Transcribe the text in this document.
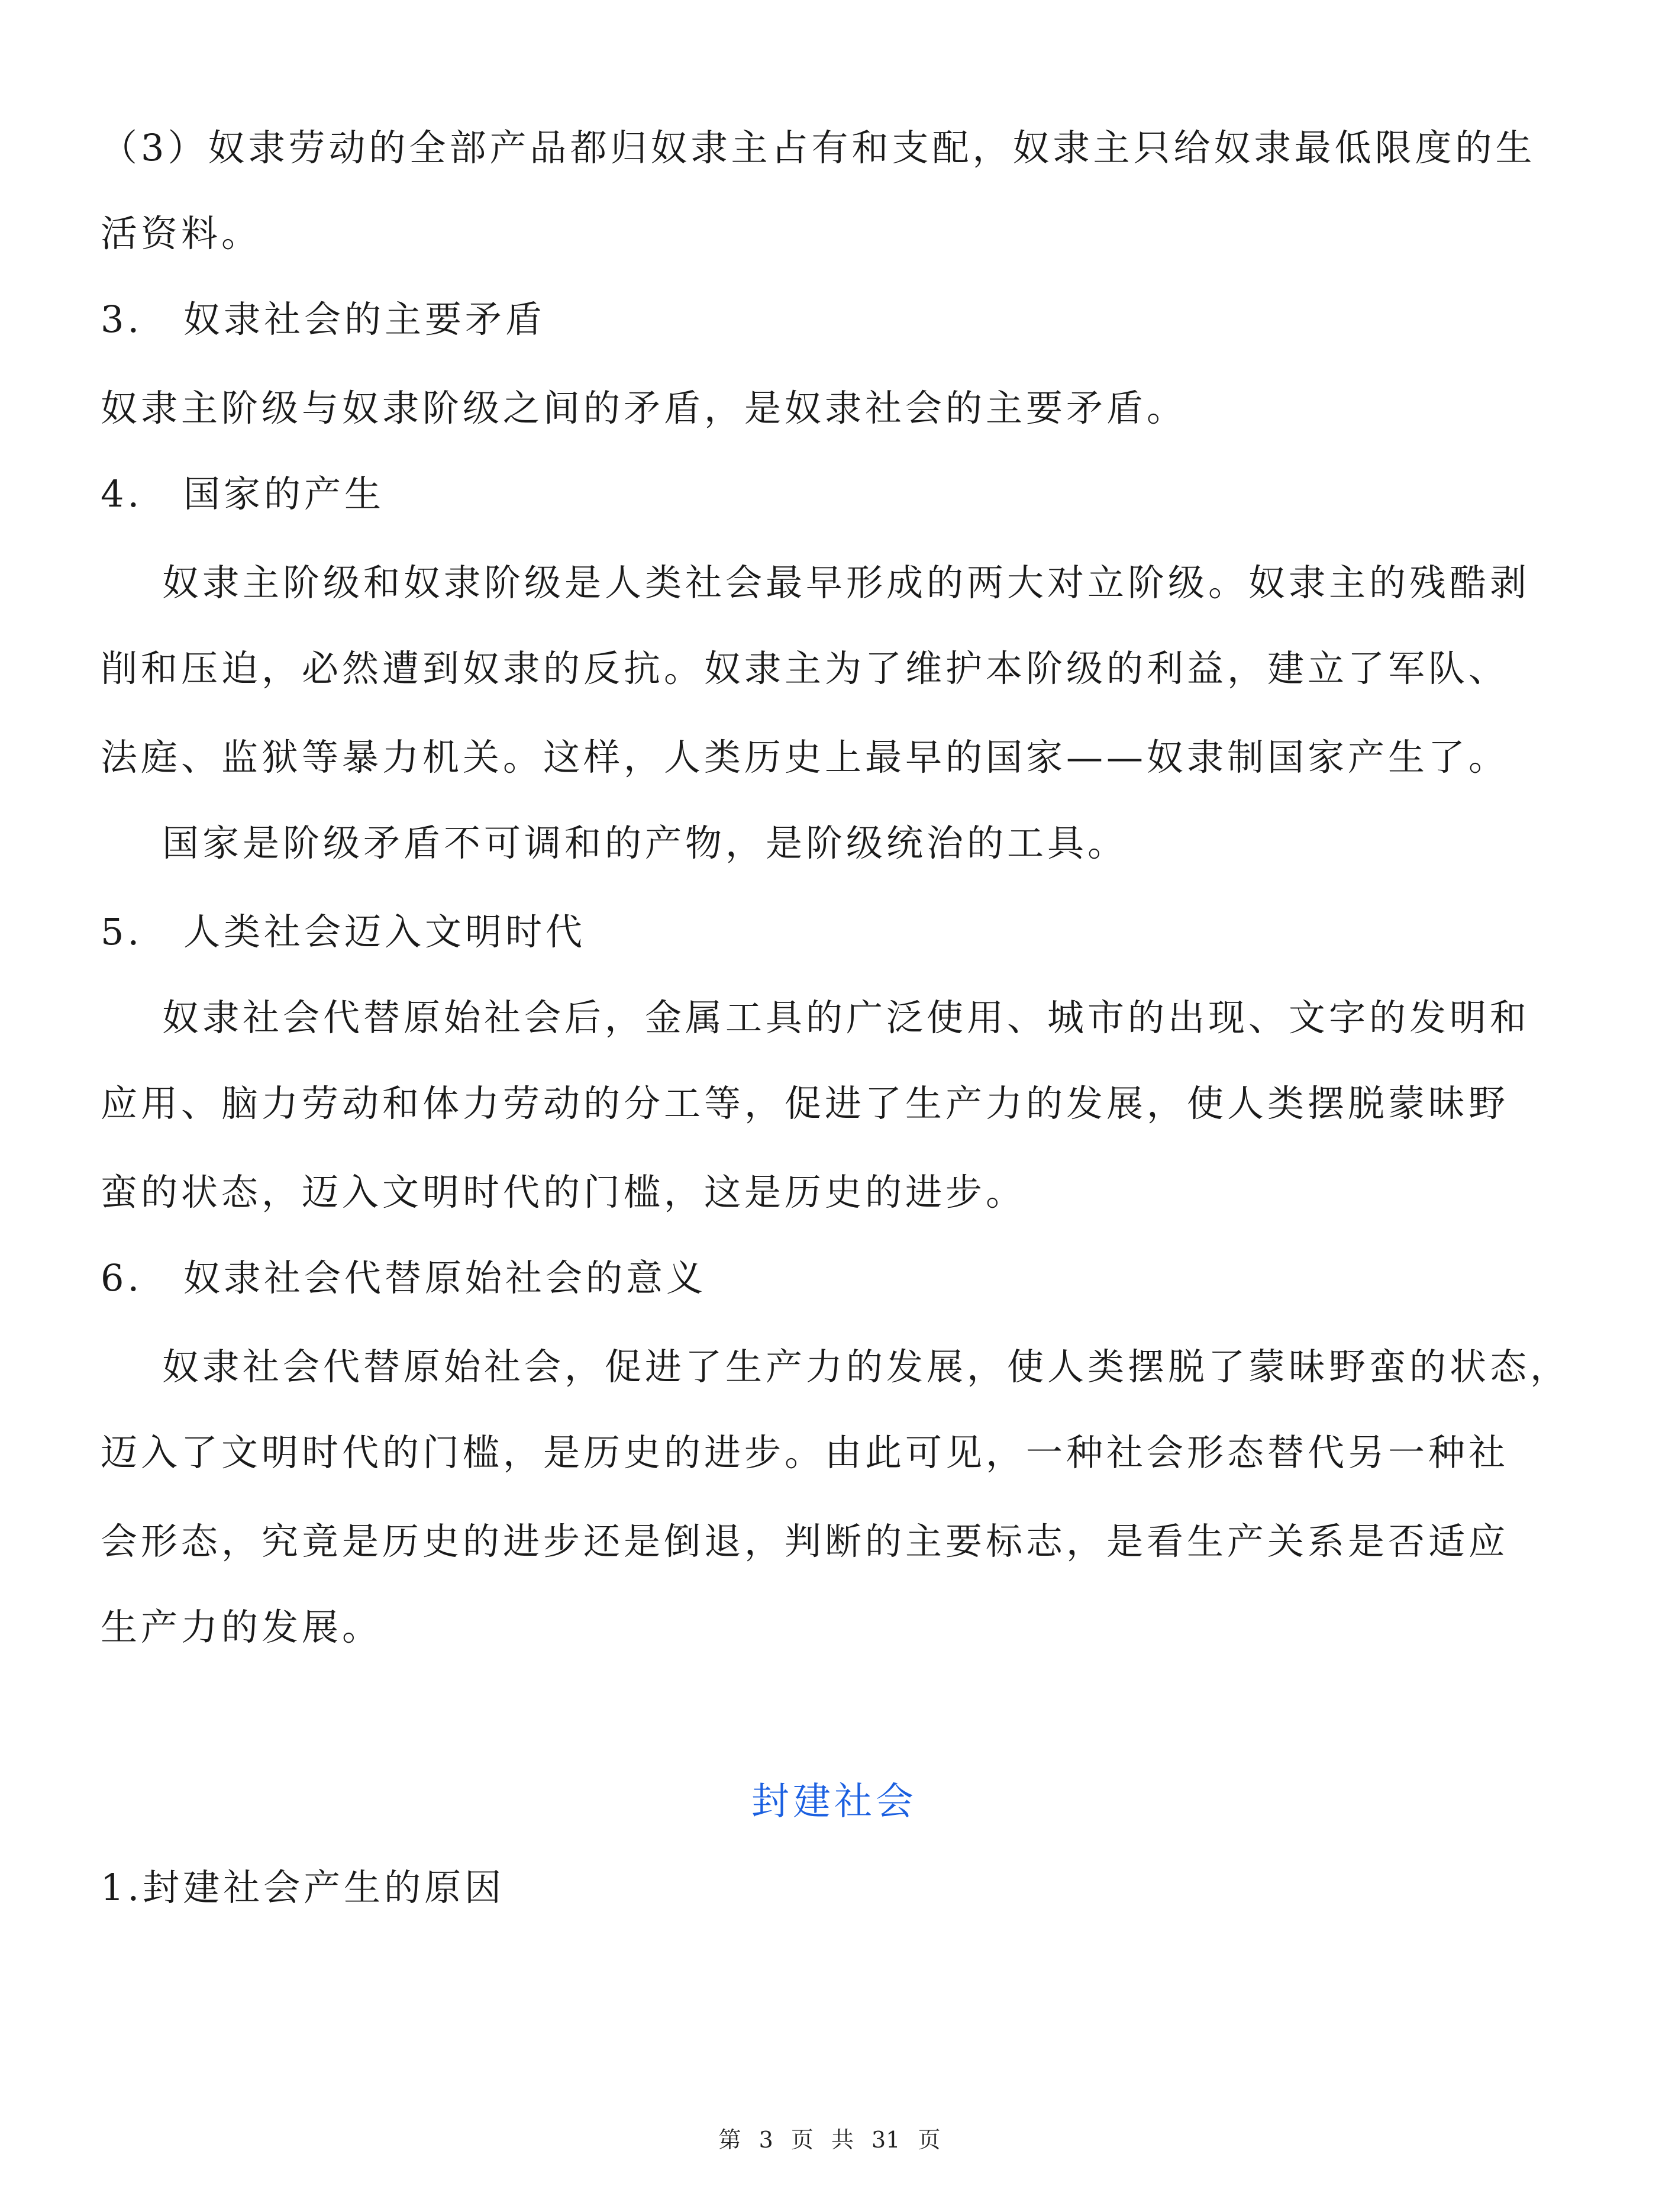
（3）奴隶劳动的全部产品都归奴隶主占有和支配，奴隶主只给奴隶最低限度的生
活资料。
3. 奴隶社会的主要矛盾
奴隶主阶级与奴隶阶级之间的矛盾，是奴隶社会的主要矛盾。
4. 国家的产生
奴隶主阶级和奴隶阶级是人类社会最早形成的两大对立阶级。奴隶主的残酷剥
削和压迫，必然遭到奴隶的反抗。奴隶主为了维护本阶级的利益，建立了军队、
法庭、监狱等暴力机关。这样，人类历史上最早的国家——奴隶制国家产生了。
国家是阶级矛盾不可调和的产物，是阶级统治的工具。
5. 人类社会迈入文明时代
奴隶社会代替原始社会后，金属工具的广泛使用、城市的出现、文字的发明和
应用、脑力劳动和体力劳动的分工等，促进了生产力的发展，使人类摆脱蒙昧野
蛮的状态，迈入文明时代的门槛，这是历史的进步。
6. 奴隶社会代替原始社会的意义
奴隶社会代替原始社会，促进了生产力的发展，使人类摆脱了蒙昧野蛮的状态，
迈入了文明时代的门槛，是历史的进步。由此可见，一种社会形态替代另一种社
会形态，究竟是历史的进步还是倒退，判断的主要标志，是看生产关系是否适应
生产力的发展。
封建社会
1.封建社会产生的原因
第 3 页 共 31 页
